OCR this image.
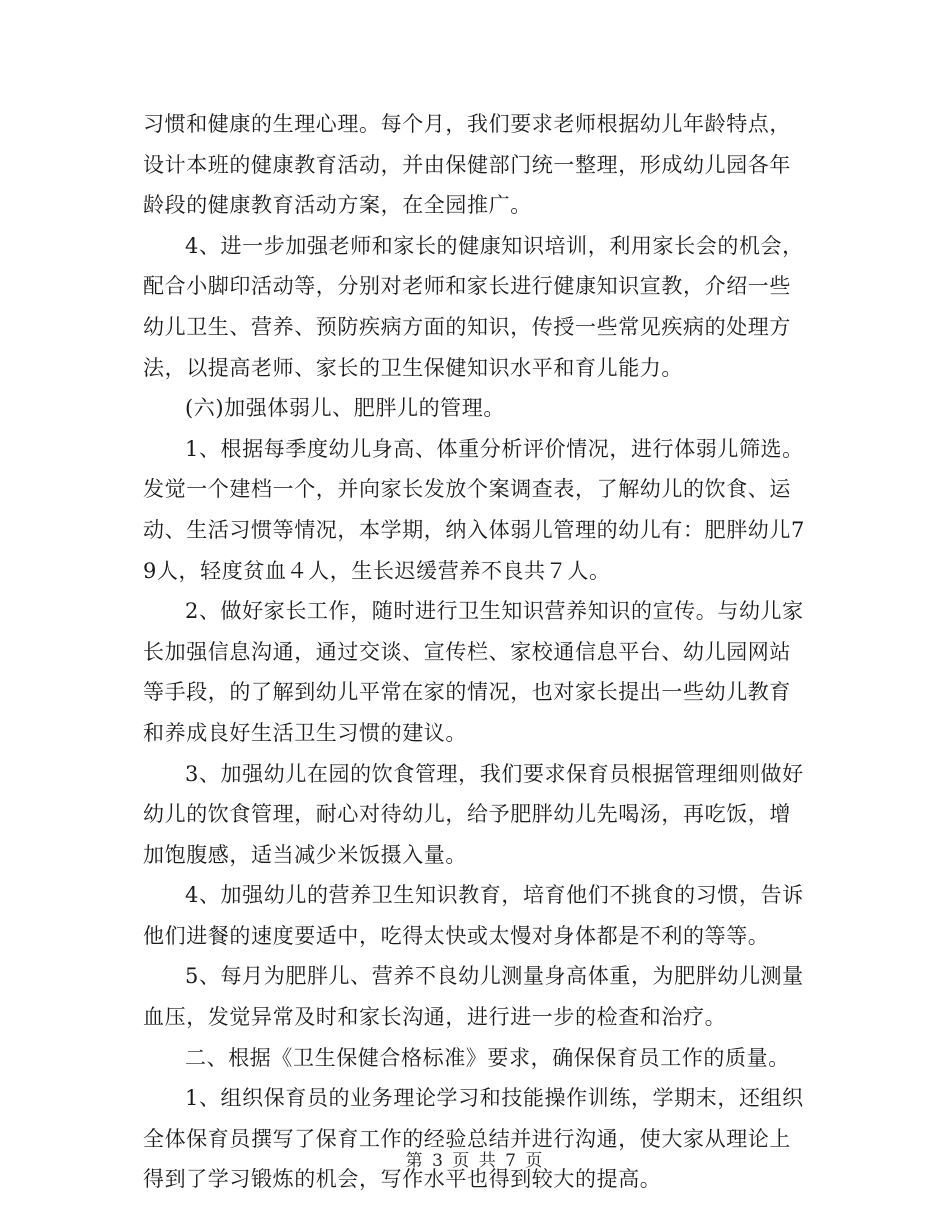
习惯和健康的生理心理。每个月，我们要求老师根据幼儿年龄特点，设计本班的健康教育活动，并由保健部门统一整理，形成幼儿园各年龄段的健康教育活动方案，在全园推广。

4、进一步加强老师和家长的健康知识培训，利用家长会的机会，配合小脚印活动等，分别对老师和家长进行健康知识宣教，介绍一些幼儿卫生、营养、预防疾病方面的知识，传授一些常见疾病的处理方法，以提高老师、家长的卫生保健知识水平和育儿能力。

(六)加强体弱儿、肥胖儿的管理。

1、根据每季度幼儿身高、体重分析评价情况，进行体弱儿筛选。发觉一个建档一个，并向家长发放个案调查表，了解幼儿的饮食、运动、生活习惯等情况，本学期，纳入体弱儿管理的幼儿有：肥胖幼儿79人，轻度贫血４人，生长迟缓营养不良共７人。

2、做好家长工作，随时进行卫生知识营养知识的宣传。与幼儿家长加强信息沟通，通过交谈、宣传栏、家校通信息平台、幼儿园网站等手段，的了解到幼儿平常在家的情况，也对家长提出一些幼儿教育和养成良好生活卫生习惯的建议。

3、加强幼儿在园的饮食管理，我们要求保育员根据管理细则做好幼儿的饮食管理，耐心对待幼儿，给予肥胖幼儿先喝汤，再吃饭，增加饱腹感，适当减少米饭摄入量。

4、加强幼儿的营养卫生知识教育，培育他们不挑食的习惯，告诉他们进餐的速度要适中，吃得太快或太慢对身体都是不利的等等。

5、每月为肥胖儿、营养不良幼儿测量身高体重，为肥胖幼儿测量血压，发觉异常及时和家长沟通，进行进一步的检查和治疗。

二、根据《卫生保健合格标准》要求，确保保育员工作的质量。

1、组织保育员的业务理论学习和技能操作训练，学期末，还组织全体保育员撰写了保育工作的经验总结并进行沟通，使大家从理论上得到了学习锻炼的机会，写作水平也得到较大的提高。

第 3 页 共 7 页
